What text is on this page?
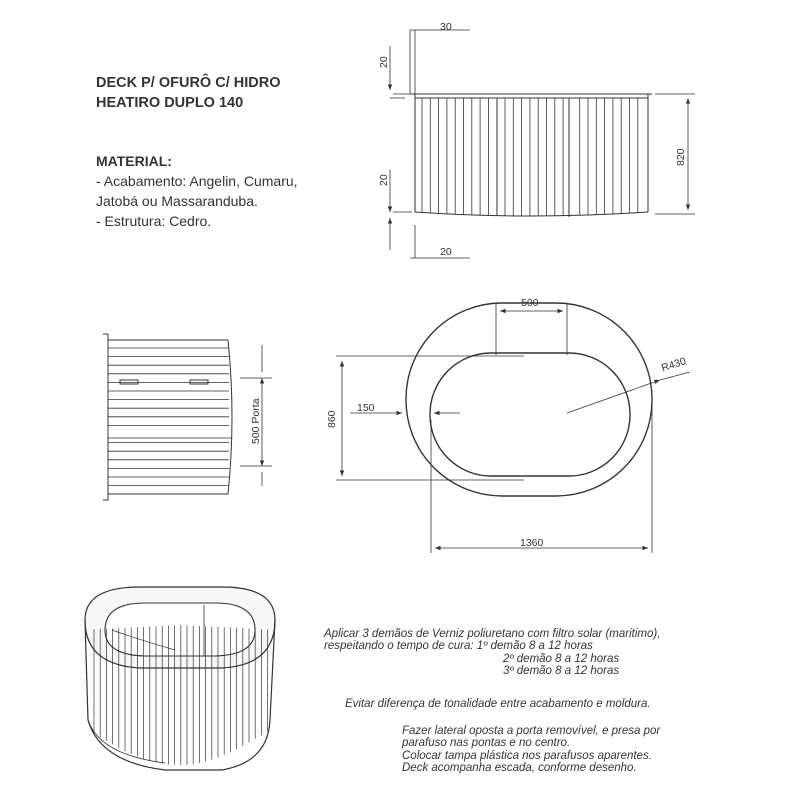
DECK P/ OFURÔ C/ HIDRO
HEATIRO DUPLO 140
MATERIAL:
- Acabamento: Angelin, Cumaru,
Jatobá ou Massaranduba.
- Estrutura: Cedro.
30
20
20
20
820
500
R430
150
860
1360
500 Porta
Aplicar 3 demãos de Verniz poliuretano com filtro solar (maritimo),
respeitando o tempo de cura: 1º demão 8 a 12 horas
2º demão 8 a 12 horas
3º demão 8 a 12 horas
Evitar diferença de tonalidade entre acabamento e moldura.
Fazer lateral oposta a porta removível, e presa por
parafuso nas pontas e no centro.
Colocar tampa plástica nos parafusos aparentes.
Deck acompanha escada, conforme desenho.
